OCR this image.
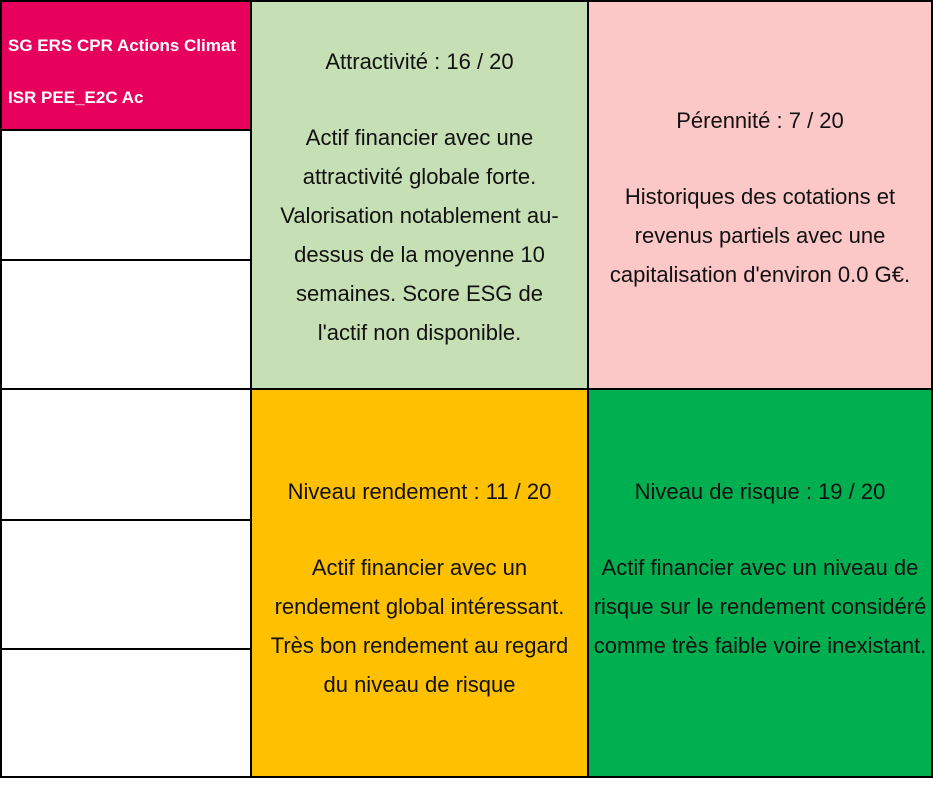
SG ERS CPR Actions Climat

ISR PEE_E2C Ac

Attractivité : 16 / 20
Actif financier avec une attractivité globale forte. Valorisation notablement au-dessus de la moyenne 10 semaines. Score ESG de l'actif non disponible.
Pérennité : 7 / 20
Historiques des cotations et revenus partiels avec une capitalisation d'environ 0.0 G€.
Niveau rendement : 11 / 20
Actif financier avec un rendement global intéressant. Très bon rendement au regard du niveau de risque
Niveau de risque : 19 / 20
Actif financier avec un niveau de risque sur le rendement considéré comme très faible voire inexistant.
